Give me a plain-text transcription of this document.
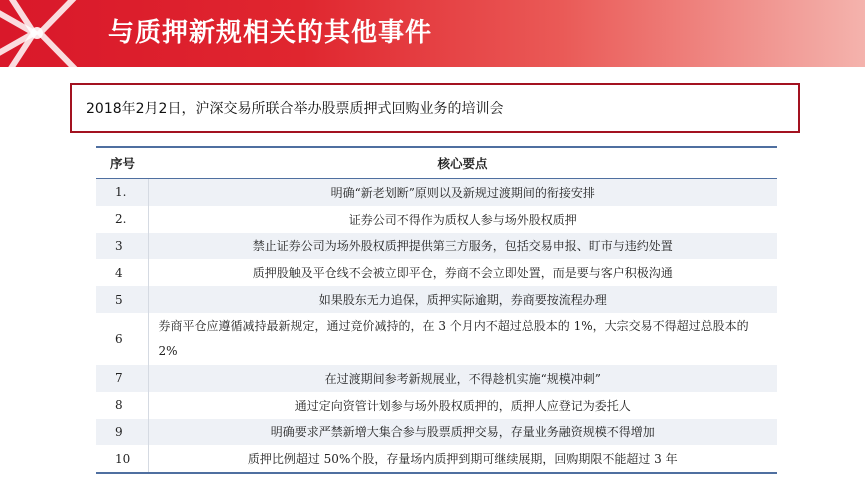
与质押新规相关的其他事件
2018年2月2日，沪深交易所联合举办股票质押式回购业务的培训会
序号	核心要点
1.	明确“新老划断”原则以及新规过渡期间的衔接安排
2.	证券公司不得作为质权人参与场外股权质押
3	禁止证券公司为场外股权质押提供第三方服务，包括交易申报、盯市与违约处置
4	质押股触及平仓线不会被立即平仓，券商不会立即处置，而是要与客户积极沟通
5	如果股东无力追保，质押实际逾期，券商要按流程办理
6	券商平仓应遵循减持最新规定，通过竞价减持的，在 3 个月内不超过总股本的 1%，大宗交易不得超过总股本的 2%
7	在过渡期间参考新规展业，不得趁机实施“规模冲刺”
8	通过定向资管计划参与场外股权质押的，质押人应登记为委托人
9	明确要求严禁新增大集合参与股票质押交易，存量业务融资规模不得增加
10	质押比例超过 50%个股，存量场内质押到期可继续展期，回购期限不能超过 3 年
